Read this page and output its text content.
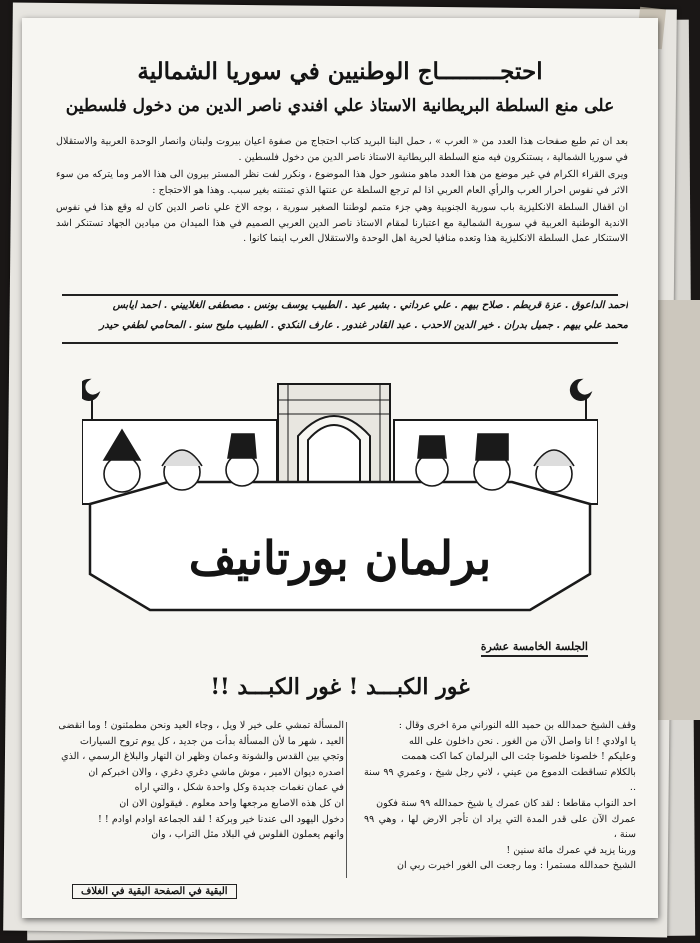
احتجـــــــــاج الوطنيين في سوريا الشمالية
على منع السلطة البريطانية الاستاذ علي افندي ناصر الدين من دخول فلسطين

بعد ان تم طبع صفحات هذا العدد من « العرب » ، حمل البنا البريد كتاب احتجاج من صفوة اعيان بيروت ولبنان وانصار الوحدة العربية والاستقلال في سوريا الشمالية ، يستنكرون فيه منع السلطة البريطانية الاستاذ ناصر الدين من دخول فلسطين .

ويرى القراء الكرام في غير موضع من هذا العدد ماهو منشور حول هذا الموضوع ، ونكرر لفت نظر المستر بيرون الى هذا الامر وما يتركه من سوء الاثر في نفوس احرار العرب والرأي العام العربي اذا لم ترجع السلطة عن عنتها الذي تمنتنه بغير سبب. وهذا هو الاحتجاج :

ان اقفال السلطة الانكليزية باب سورية الجنوبية وهي جزء متمم لوطننا الصغير سورية ، بوجه الاخ علي ناصر الدين كان له وقع هذا في نفوس الاندية الوطنية العربية في سورية الشمالية مع اعتبارنا لمقام الاستاذ ناصر الدين العربي الصميم في هذا الميدان من ميادين الجهاد تستنكر اشد الاستنكار عمل السلطة الانكليزية هذا وتعده منافيا لحرية اهل الوحدة والاستقلال العرب اينما كانوا .

احمد الداعوق . عزة قربطم . صلاح بيهم . علي عرداني . بشير عيد . الطبيب يوسف بونس . مصطفى الغلاييني . احمد ايابس
محمد علي بيهم . جميل بدران . خير الدين الاحدب . عبد القادر غندور . عارف النكدي . الطبيب مليح سنو . المحامي لطفي حيدر
برلمان بورتانيف
الجلسة الخامسة عشرة
غور الكبـــد ! غور الكبـــد !!

وقف الشيخ حمدالله بن حميد الله النوراني مرة اخرى وقال :

يا اولادي ! انا واصل الآن من الغور . نحن داخلون على الله

وعليكم ! خلصونا خلصونا جئت الى البرلمان كما اكت هممت

بالكلام تساقطت الدموع من عيني ، لاني رجل شيخ ، وعمري ٩٩ سنة ..

احد النواب مقاطعا : لقد كان عمرك يا شيخ حمدالله ٩٩ سنة فكون

عمرك الآن على قدر المدة التي يراد ان تأجر الارض لها ، وهي ٩٩ سنة ،

وربنا يزيد في عمرك مائة سنين !

الشيخ حمدالله مستمرا : وما رجعت الى الغور اخيرت ربي ان

المسألة تمشي على خير لا ويل ، وجاء العيد ونحن مطمئنون ! وما انقضى

العيد ، شهر ما لأن المسألة بدأت من جديد ، كل يوم تروح السيارات

وتجي بين القدس والشونة وعمان وظهر ان النهار والبلاغ الرسمي ، الذي

اصدره ديوان الامير ، موش ماشي دغري دغري ، والان اخبركم ان

في عمان نغمات جديدة وكل واحدة شكل ، والتي اراه

ان كل هذه الاصابع مرجعها واحد معلوم . فيقولون الان ان

دخول اليهود الى عندنا خير وبركة ! لقد الجماعة اوادم اوادم ! !

وانهم يعملون الفلوس في البلاد مثل التراب ، وان

البقية في الصفحة البقية في الغلاف
